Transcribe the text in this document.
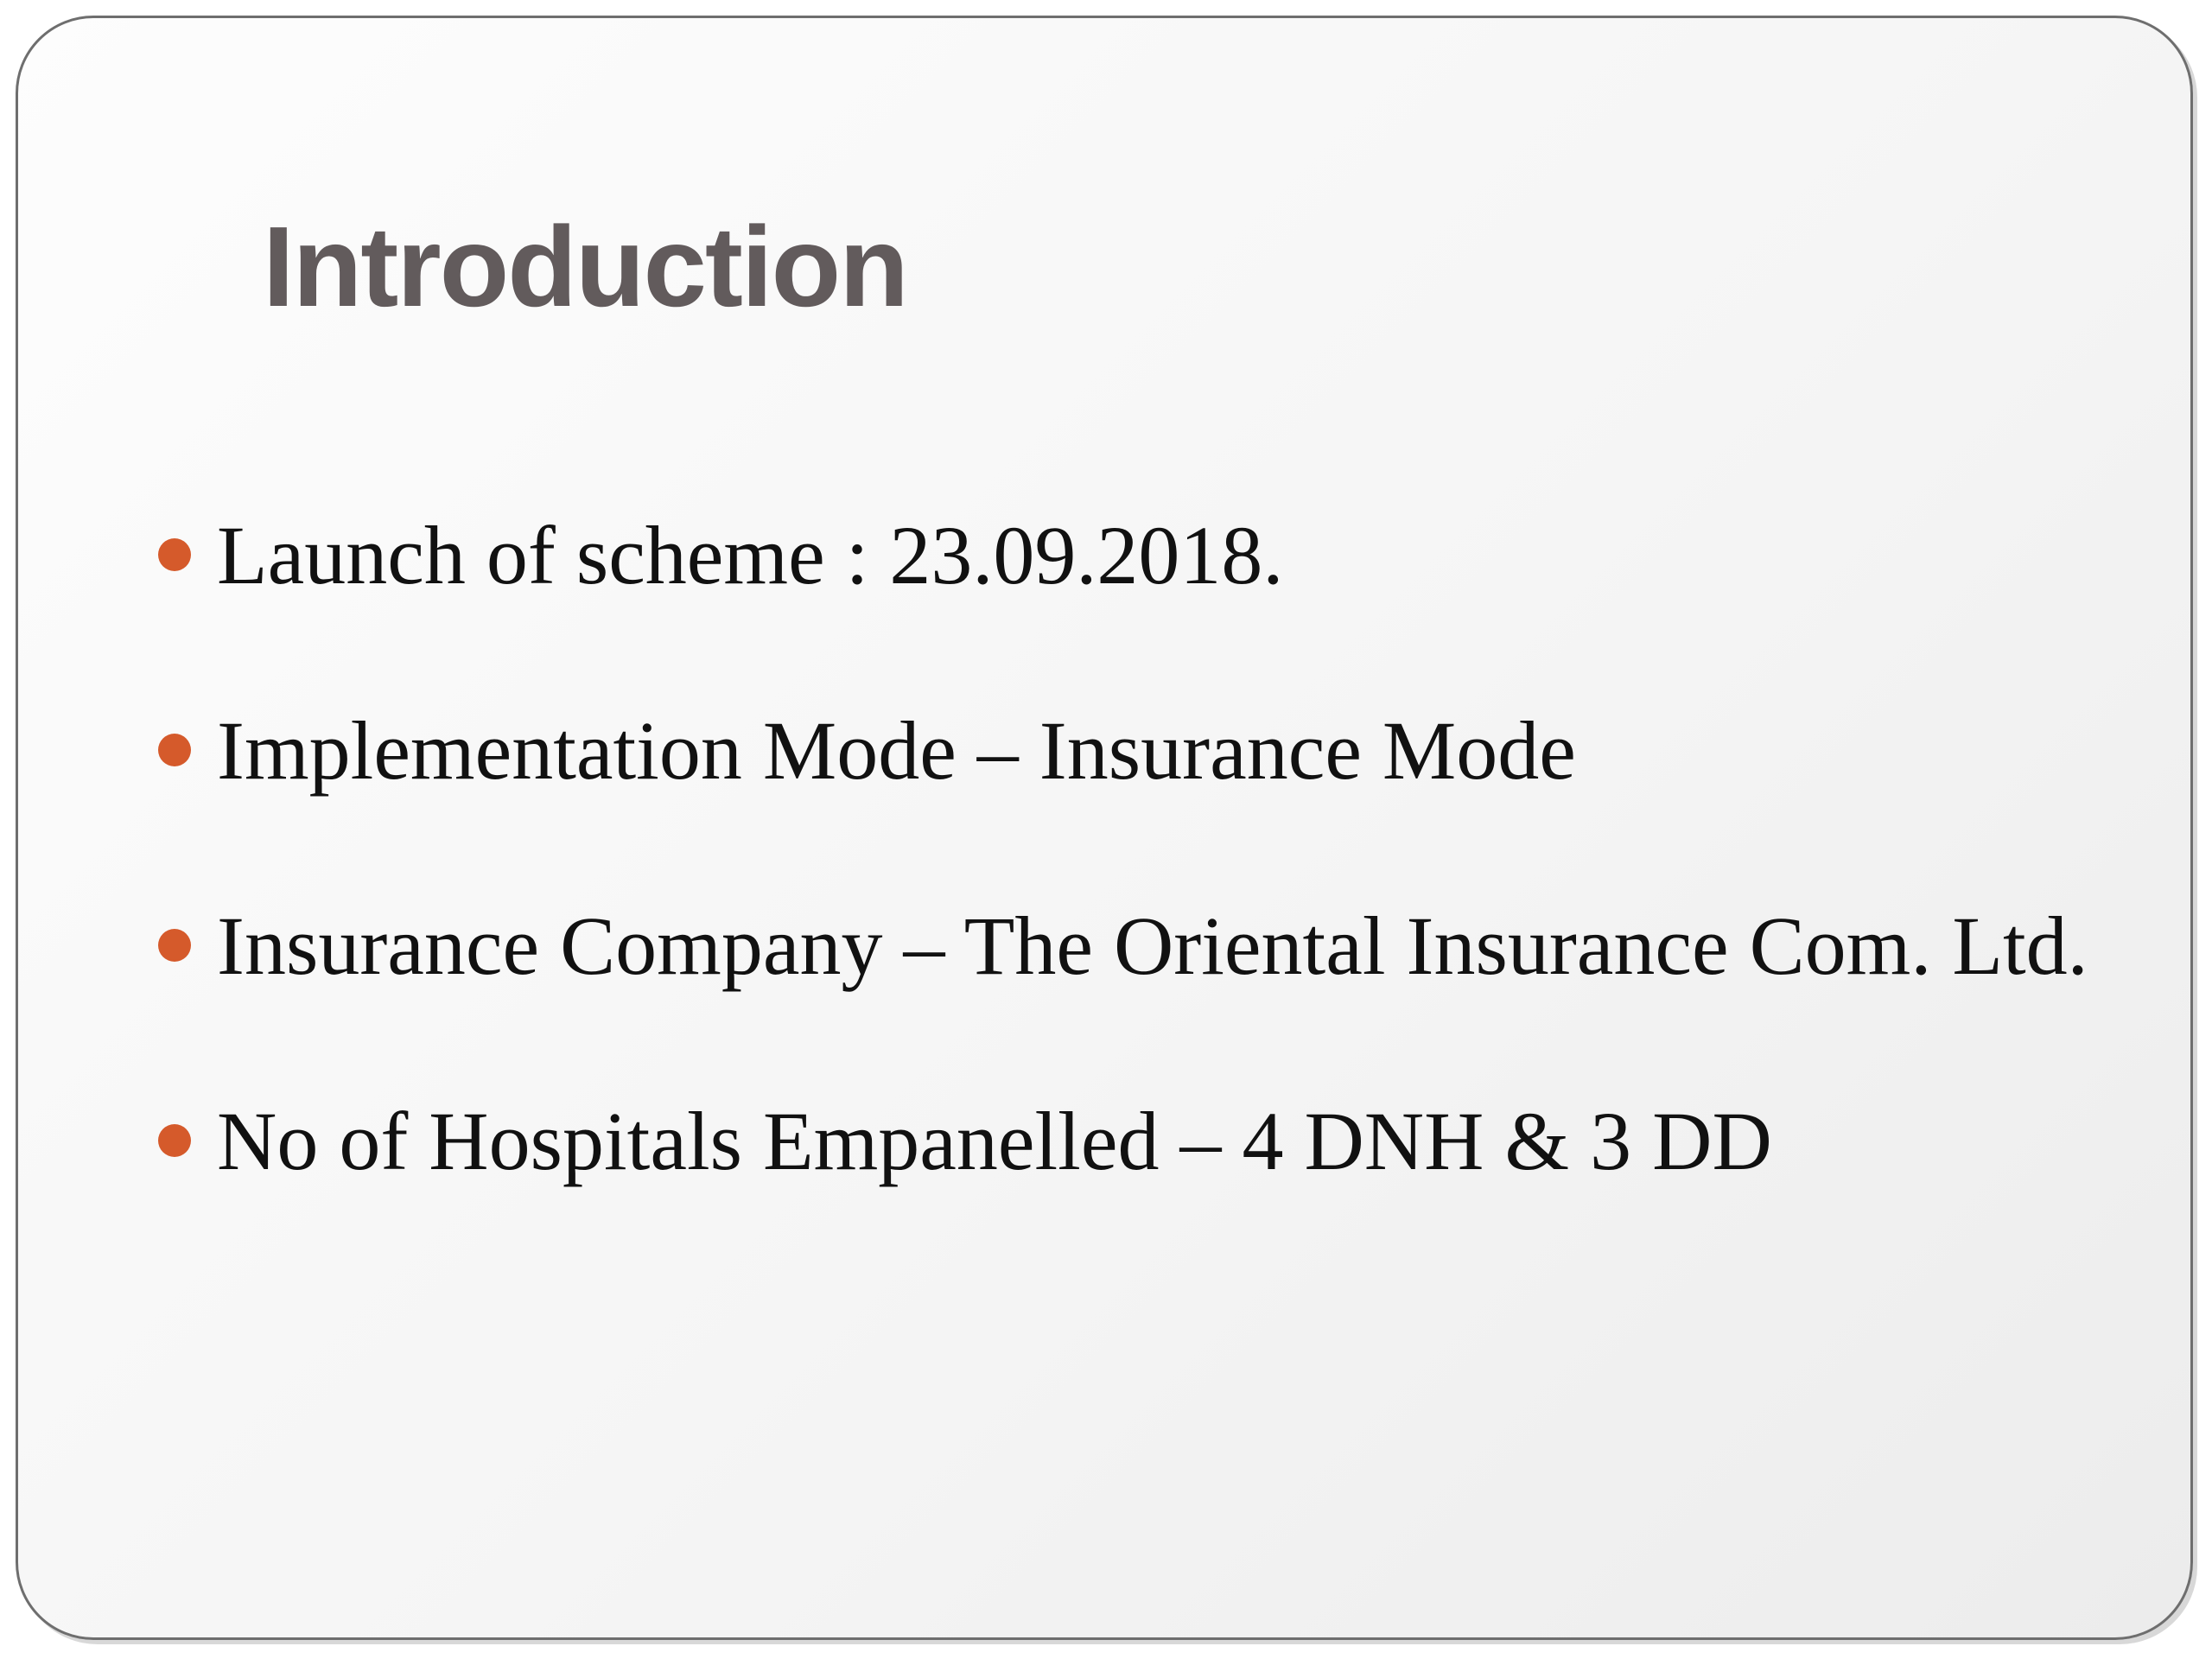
Introduction
Launch of scheme : 23.09.2018.
Implementation Mode – Insurance Mode
Insurance Company – The Oriental Insurance Com. Ltd.
No of Hospitals Empanelled – 4 DNH & 3 DD
